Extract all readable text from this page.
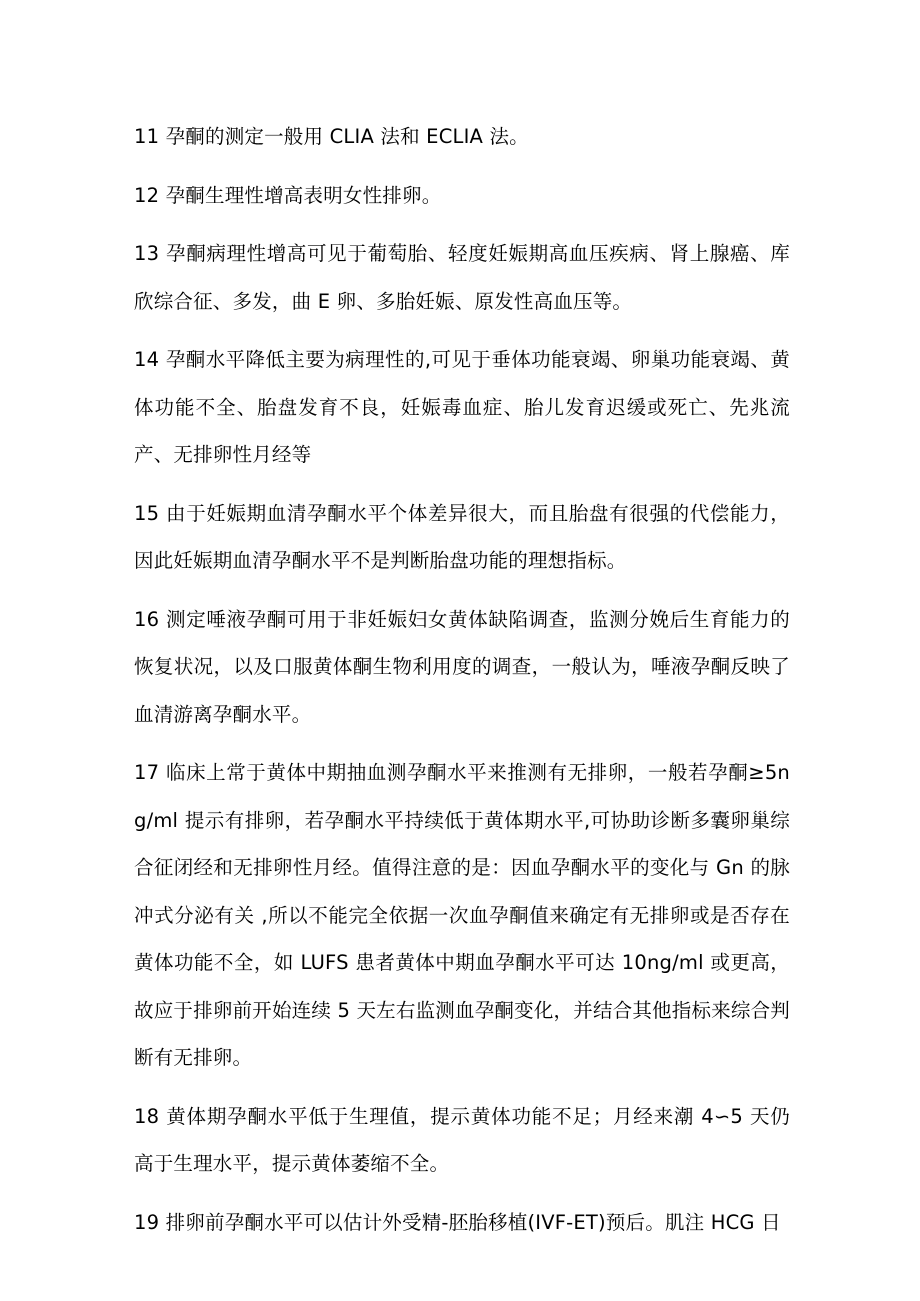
11 孕酮的测定一般用 CLIA 法和 ECLIA 法。

12 孕酮生理性增高表明女性排卵。

13 孕酮病理性增高可见于葡萄胎、轻度妊娠期高血压疾病、肾上腺癌、库欣综合征、多发，曲 E 卵、多胎妊娠、原发性高血压等。

14 孕酮水平降低主要为病理性的,可见于垂体功能衰竭、卵巢功能衰竭、黄体功能不全、胎盘发育不良，妊娠毒血症、胎儿发育迟缓或死亡、先兆流产、无排卵性月经等

15 由于妊娠期血清孕酮水平个体差异很大，而且胎盘有很强的代偿能力，因此妊娠期血清孕酮水平不是判断胎盘功能的理想指标。

16 测定唾液孕酮可用于非妊娠妇女黄体缺陷调查，监测分娩后生育能力的恢复状况，以及口服黄体酮生物利用度的调查，一般认为，唾液孕酮反映了血清游离孕酮水平。

17 临床上常于黄体中期抽血测孕酮水平来推测有无排卵，一般若孕酮≥5ng/ml 提示有排卵，若孕酮水平持续低于黄体期水平,可协助诊断多囊卵巢综合征闭经和无排卵性月经。值得注意的是：因血孕酮水平的变化与 Gn 的脉冲式分泌有关 ,所以不能完全依据一次血孕酮值来确定有无排卵或是否存在黄体功能不全，如 LUFS 患者黄体中期血孕酮水平可达 10ng/ml 或更高，故应于排卵前开始连续 5 天左右监测血孕酮变化，并结合其他指标来综合判断有无排卵。

18 黄体期孕酮水平低于生理值，提示黄体功能不足；月经来潮 4∽5 天仍高于生理水平，提示黄体萎缩不全。

19 排卵前孕酮水平可以估计外受精-胚胎移植(IVF-ET)预后。肌注 HCG 日
